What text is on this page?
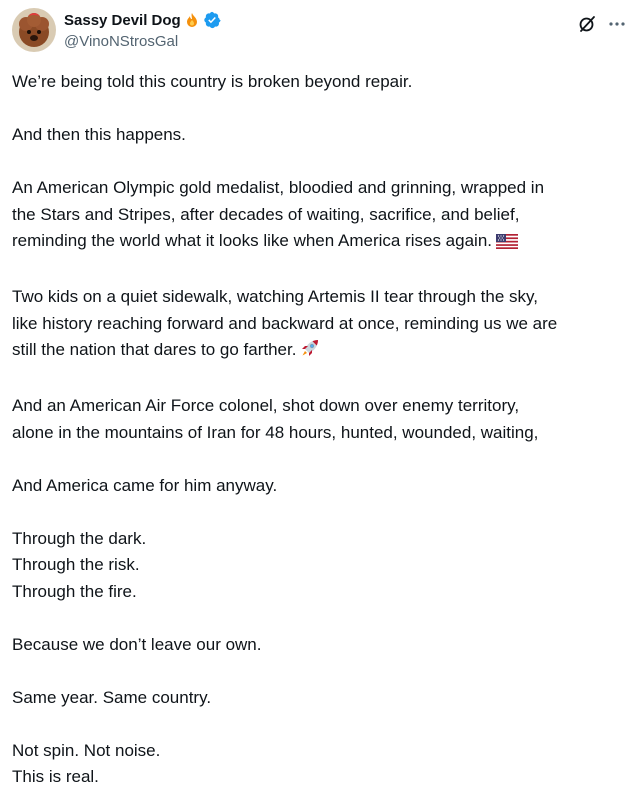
Sassy Devil Dog
@VinoNStrosGal
We’re being told this country is broken beyond repair.
And then this happens.
An American Olympic gold medalist, bloodied and grinning, wrapped in
the Stars and Stripes, after decades of waiting, sacrifice, and belief,
reminding the world what it looks like when America rises again.
Two kids on a quiet sidewalk, watching Artemis II tear through the sky,
like history reaching forward and backward at once, reminding us we are
still the nation that dares to go farther.
And an American Air Force colonel, shot down over enemy territory,
alone in the mountains of Iran for 48 hours, hunted, wounded, waiting,
And America came for him anyway.
Through the dark.
Through the risk.
Through the fire.
Because we don’t leave our own.
Same year. Same country.
Not spin. Not noise.
This is real.
